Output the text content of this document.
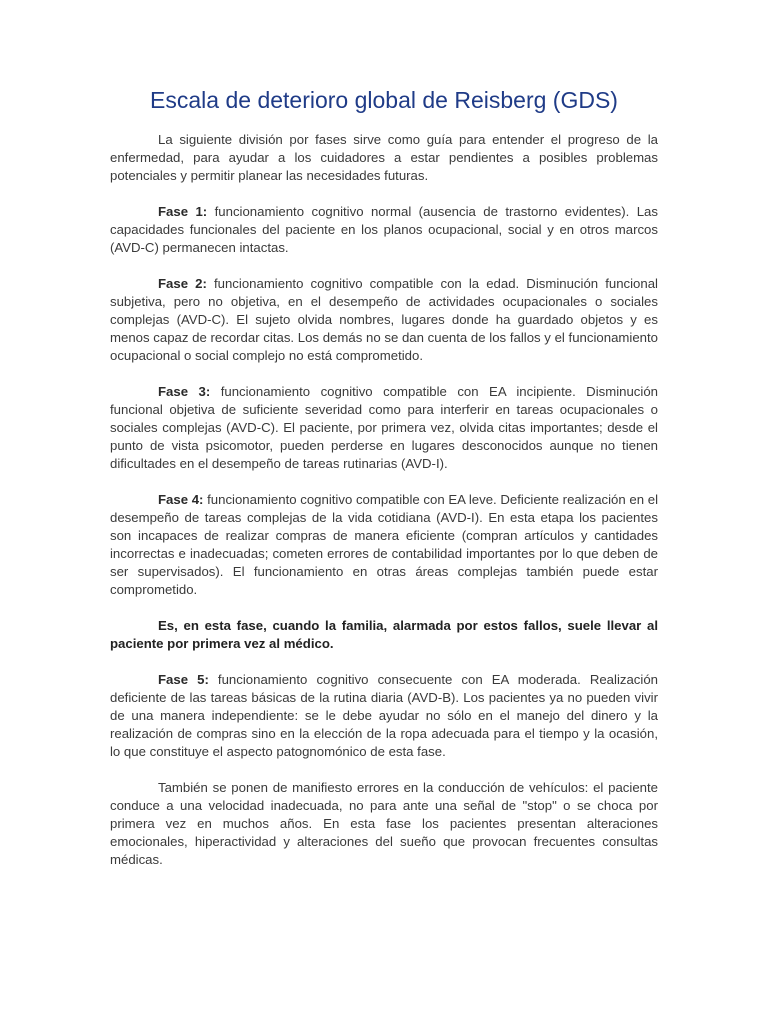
Escala de deterioro global de Reisberg (GDS)

La siguiente división por fases sirve como guía para entender el progreso de la enfermedad, para ayudar a los cuidadores a estar pendientes a posibles problemas potenciales y permitir planear las necesidades futuras.

Fase 1: funcionamiento cognitivo normal (ausencia de trastorno evidentes). Las capacidades funcionales del paciente en los planos ocupacional, social y en otros marcos (AVD-C) permanecen intactas.

Fase 2: funcionamiento cognitivo compatible con la edad. Disminución funcional subjetiva, pero no objetiva, en el desempeño de actividades ocupacionales o sociales complejas (AVD-C). El sujeto olvida nombres, lugares donde ha guardado objetos y es menos capaz de recordar citas. Los demás no se dan cuenta de los fallos y el funcionamiento ocupacional o social complejo no está comprometido.

Fase 3: funcionamiento cognitivo compatible con EA incipiente. Disminución funcional objetiva de suficiente severidad como para interferir en tareas ocupacionales o sociales complejas (AVD-C). El paciente, por primera vez, olvida citas importantes; desde el punto de vista psicomotor, pueden perderse en lugares desconocidos aunque no tienen dificultades en el desempeño de tareas rutinarias (AVD-I).

Fase 4: funcionamiento cognitivo compatible con EA leve. Deficiente realización en el desempeño de tareas complejas de la vida cotidiana (AVD-I). En esta etapa los pacientes son incapaces de realizar compras de manera eficiente (compran artículos y cantidades incorrectas e inadecuadas; cometen errores de contabilidad importantes por lo que deben de ser supervisados). El funcionamiento en otras áreas complejas también puede estar comprometido.

Es, en esta fase, cuando la familia, alarmada por estos fallos, suele llevar al paciente por primera vez al médico.

Fase 5: funcionamiento cognitivo consecuente con EA moderada. Realización deficiente de las tareas básicas de la rutina diaria (AVD-B). Los pacientes ya no pueden vivir de una manera independiente: se le debe ayudar no sólo en el manejo del dinero y la realización de compras sino en la elección de la ropa adecuada para el tiempo y la ocasión, lo que constituye el aspecto patognomónico de esta fase.

También se ponen de manifiesto errores en la conducción de vehículos: el paciente conduce a una velocidad inadecuada, no para ante una señal de "stop" o se choca por primera vez en muchos años. En esta fase los pacientes presentan alteraciones emocionales, hiperactividad y alteraciones del sueño que provocan frecuentes consultas médicas.
